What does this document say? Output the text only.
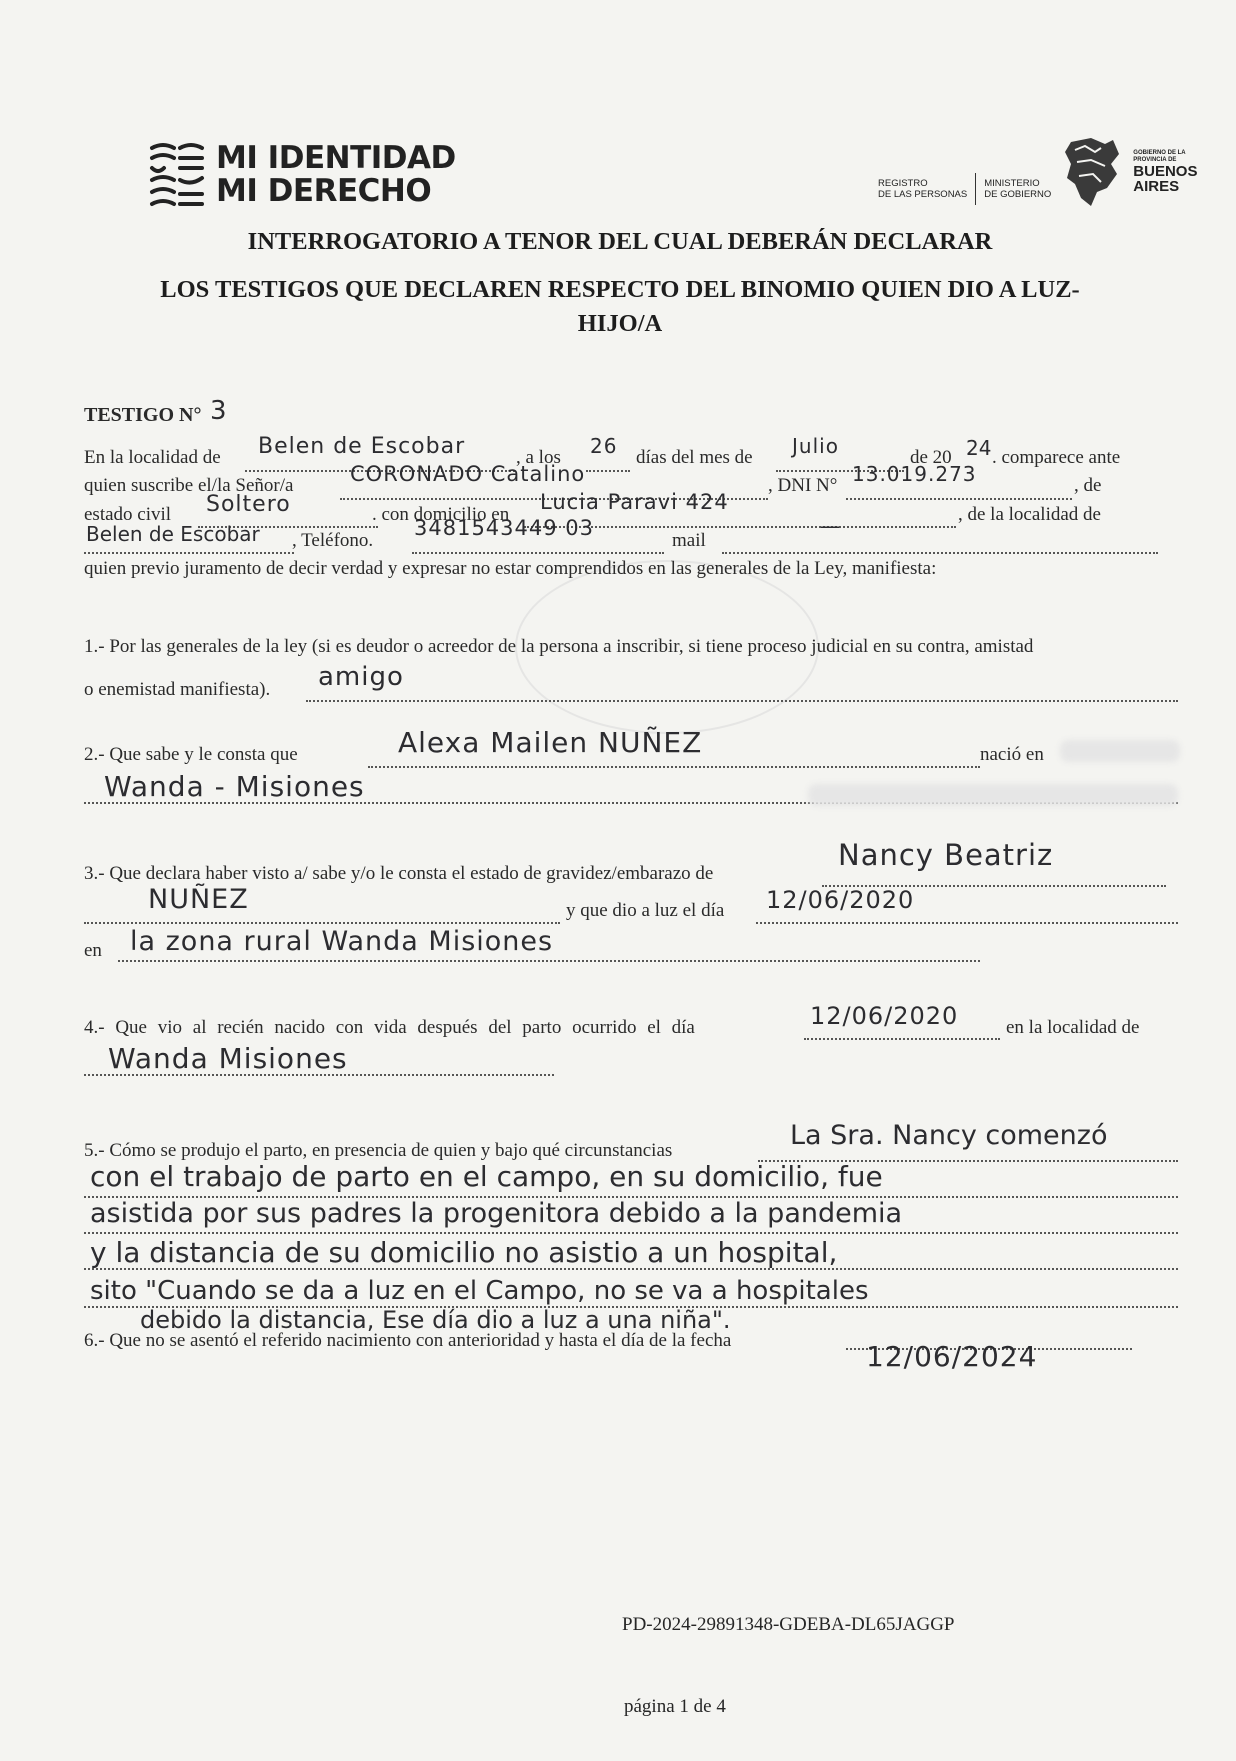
MI IDENTIDAD
MI DERECHO	REGISTRO
DE LAS PERSONAS
MINISTERIO
DE GOBIERNO
GOBIERNO DE LA
PROVINCIA DE
BUENOS
AIRES
INTERROGATORIO A TENOR DEL CUAL DEBERÁN DECLARAR
LOS TESTIGOS QUE DECLAREN RESPECTO DEL BINOMIO QUIEN DIO A LUZ-
HIJO/A
TESTIGO N° 3
En la localidad de Belen de Escobar	, a los 26 días del mes de Julio	de 20 24 . comparece ante
quien suscribe el/la Señor/a	CORONADO Catalino	, DNI N° 13.019.273	, de
estado civil Soltero	. con domicilio en
Lucia Paravi 424
, de la localidad de
Belen de Escobar , Teléfono.
3481543449 03
mail
—
quien previo juramento de decir verdad y expresar no estar comprendidos en las generales de la Ley, manifiesta:
1.- Por las generales de la ley (si es deudor o acreedor de la persona a inscribir, si tiene proceso judicial en su contra, amistad
o enemistad manifiesta). amigo
2.- Que sabe y le consta que	Alexa Mailen NUÑEZ	nació en
Wanda - Misiones
3.- Que declara haber visto a/ sabe y/o le consta el estado de gravidez/embarazo de
Nancy Beatriz
NUÑEZ	y que dio a luz el día 12/06/2020
en la zona rural Wanda Misiones
4.- Que vio al recién nacido con vida después del parto ocurrido el día	12/06/2020	en la localidad de
Wanda Misiones
5.- Cómo se produjo el parto, en presencia de quien y bajo qué circunstancias	La Sra. Nancy comenzó
con el trabajo de parto en el campo, en su domicilio, fue
asistida por sus padres la progenitora debido a la pandemia
y la distancia de su domicilio no asistio a un hospital,
sito "Cuando se da a luz en el Campo, no se va a hospitales
debido la distancia, Ese día dio a luz a una niña".
6.- Que no se asentó el referido nacimiento con anterioridad y hasta el día de la fecha	12/06/2024
PD-2024-29891348-GDEBA-DL65JAGGP
página 1 de 4
